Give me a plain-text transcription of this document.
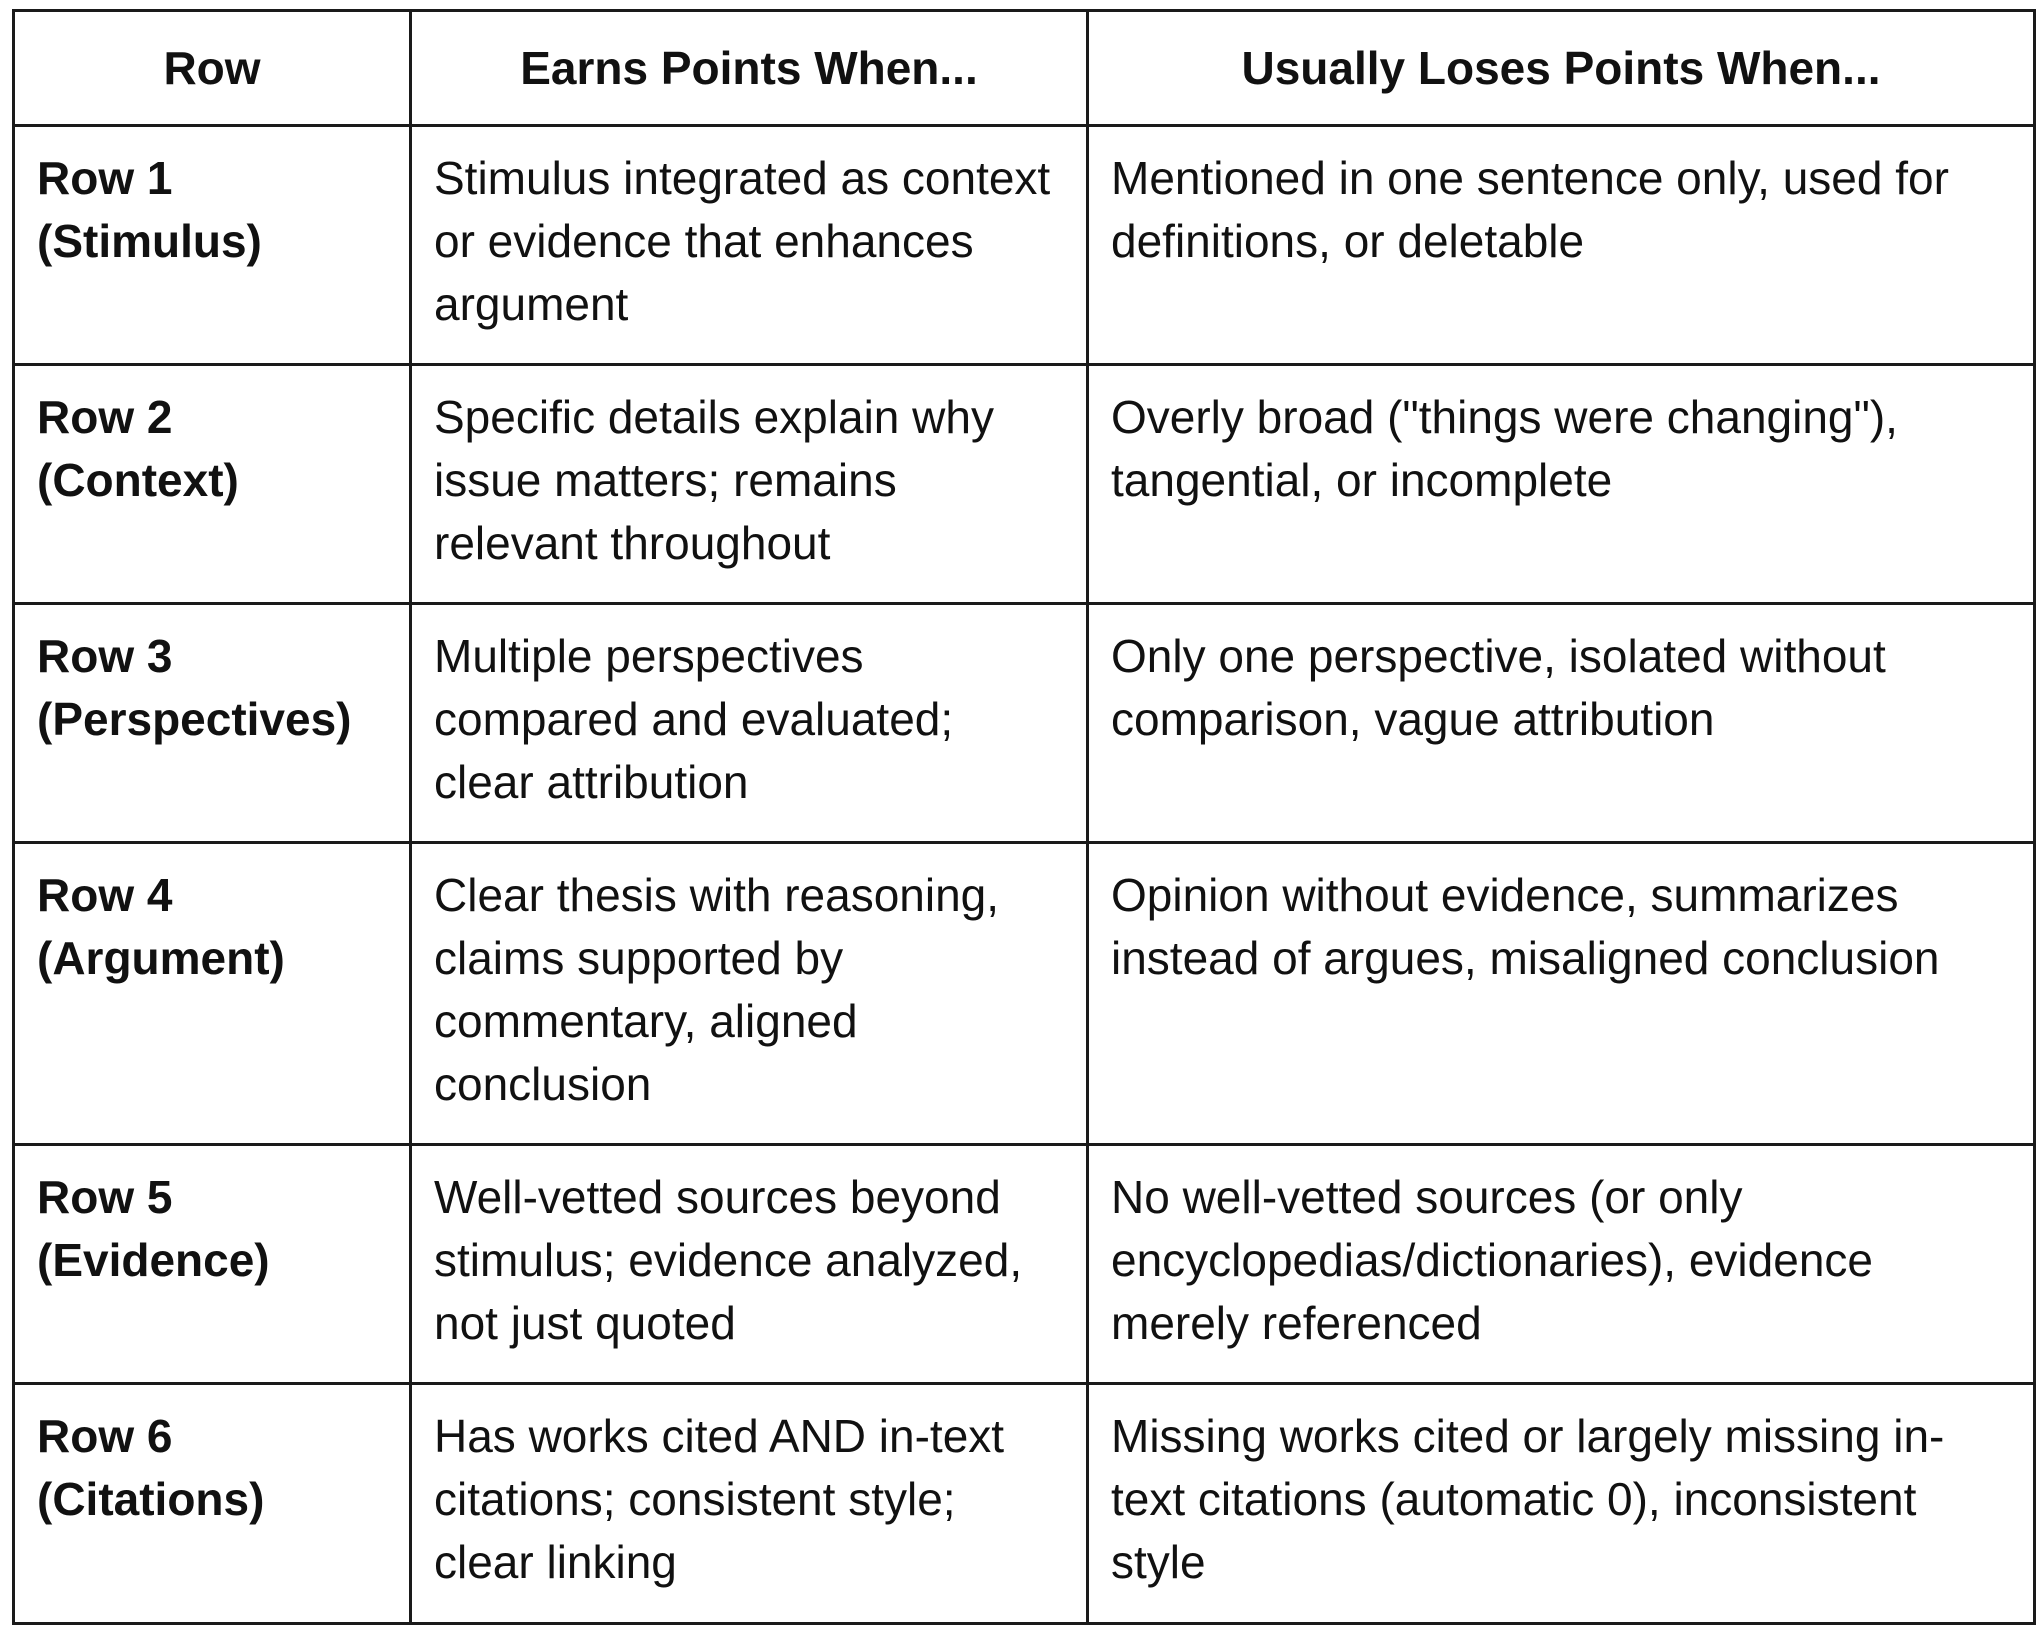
Row	Earns Points When...	Usually Loses Points When...

Row 1
(Stimulus)	Stimulus integrated as context or evidence that enhances argument	Mentioned in one sentence only, used for definitions, or deletable

Row 2
(Context)	Specific details explain why issue matters; remains relevant throughout	Overly broad ("things were changing"), tangential, or incomplete

Row 3
(Perspectives)	Multiple perspectives compared and evaluated; clear attribution	Only one perspective, isolated without comparison, vague attribution

Row 4
(Argument)	Clear thesis with reasoning, claims supported by commentary, aligned conclusion	Opinion without evidence, summarizes instead of argues, misaligned conclusion

Row 5
(Evidence)	Well-vetted sources beyond stimulus; evidence analyzed, not just quoted	No well-vetted sources (or only encyclopedias/dictionaries), evidence merely referenced

Row 6
(Citations)	Has works cited AND in-text citations; consistent style; clear linking	Missing works cited or largely missing in-text citations (automatic 0), inconsistent style
